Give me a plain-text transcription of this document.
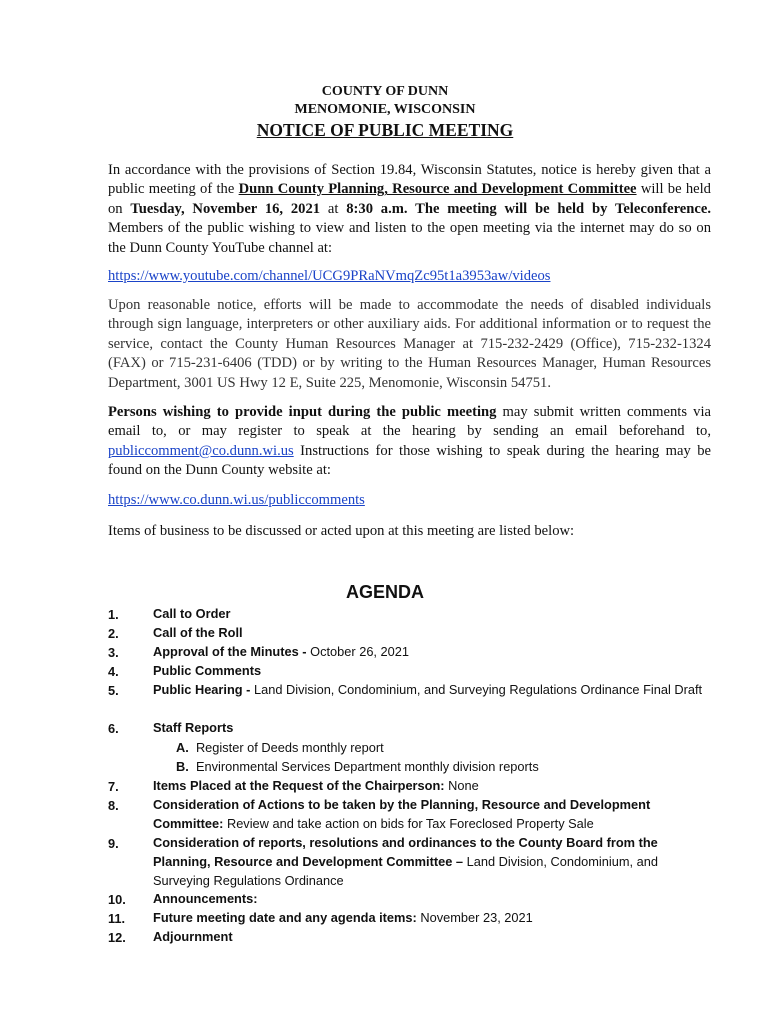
COUNTY OF DUNN
MENOMONIE, WISCONSIN
NOTICE OF PUBLIC MEETING
In accordance with the provisions of Section 19.84, Wisconsin Statutes, notice is hereby given that a public meeting of the Dunn County Planning, Resource and Development Committee will be held on Tuesday, November 16, 2021 at 8:30 a.m. The meeting will be held by Teleconference. Members of the public wishing to view and listen to the open meeting via the internet may do so on the Dunn County YouTube channel at:
https://www.youtube.com/channel/UCG9PRaNVmqZc95t1a3953aw/videos
Upon reasonable notice, efforts will be made to accommodate the needs of disabled individuals through sign language, interpreters or other auxiliary aids. For additional information or to request the service, contact the County Human Resources Manager at 715-232-2429 (Office), 715-232-1324 (FAX) or 715-231-6406 (TDD) or by writing to the Human Resources Manager, Human Resources Department, 3001 US Hwy 12 E, Suite 225, Menomonie, Wisconsin 54751.
Persons wishing to provide input during the public meeting may submit written comments via email to, or may register to speak at the hearing by sending an email beforehand to, publiccomment@co.dunn.wi.us Instructions for those wishing to speak during the hearing may be found on the Dunn County website at:
https://www.co.dunn.wi.us/publiccomments
Items of business to be discussed or acted upon at this meeting are listed below:
AGENDA
1.	Call to Order
2.	Call of the Roll
3.	Approval of the Minutes - October 26, 2021
4.	Public Comments
5.	Public Hearing - Land Division, Condominium, and Surveying Regulations Ordinance Final Draft
6.	Staff Reports
A. Register of Deeds monthly report
B. Environmental Services Department monthly division reports
7.	Items Placed at the Request of the Chairperson: None
8.	Consideration of Actions to be taken by the Planning, Resource and Development Committee: Review and take action on bids for Tax Foreclosed Property Sale
9.	Consideration of reports, resolutions and ordinances to the County Board from the Planning, Resource and Development Committee – Land Division, Condominium, and Surveying Regulations Ordinance
10. Announcements:
11. Future meeting date and any agenda items: November 23, 2021
12. Adjournment
